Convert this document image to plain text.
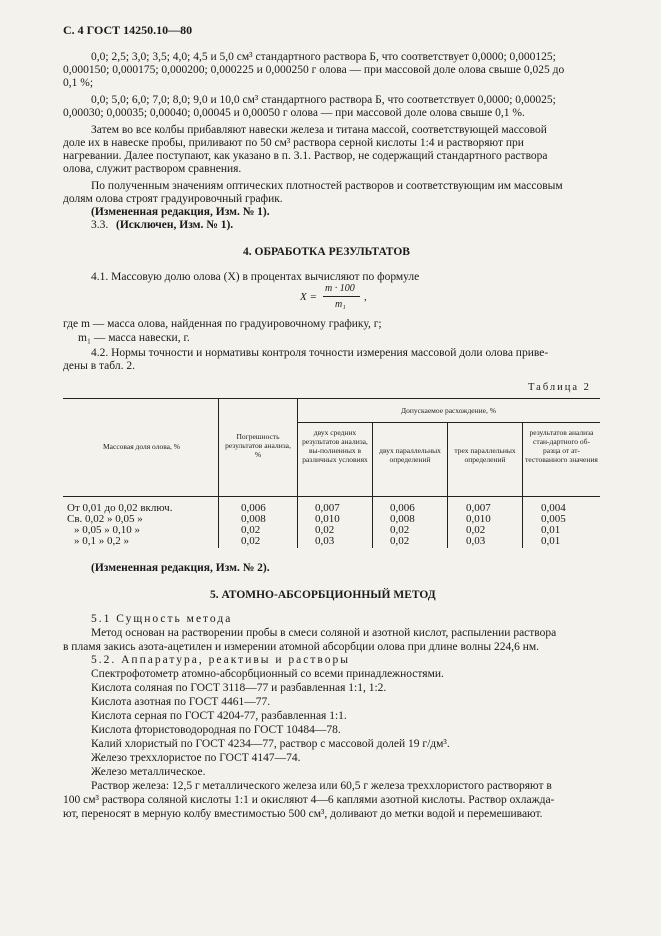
С. 4 ГОСТ 14250.10—80
0,0; 2,5; 3,0; 3,5; 4,0; 4,5 и 5,0 см³ стандартного раствора Б, что соответствует 0,0000; 0,000125;
0,000150; 0,000175; 0,000200; 0,000225 и 0,000250 г олова — при массовой доле олова свыше 0,025 до
0,1 %;
0,0; 5,0; 6,0; 7,0; 8,0; 9,0 и 10,0 см³ стандартного раствора Б, что соответствует 0,0000; 0,00025;
0,00030; 0,00035; 0,00040; 0,00045 и 0,00050 г олова — при массовой доле олова свыше 0,1 %.
Затем во все колбы прибавляют навески железа и титана массой, соответствующей массовой
доле их в навеске пробы, приливают по 50 см³ раствора серной кислоты 1:4 и растворяют при
нагревании. Далее поступают, как указано в п. 3.1. Раствор, не содержащий стандартного раствора
олова, служит раствором сравнения.
По полученным значениям оптических плотностей растворов и соответствующим им массовым
долям олова строят градуировочный график.
(Измененная редакция, Изм. № 1).
3.3. (Исключен, Изм. № 1).
4. ОБРАБОТКА РЕЗУЛЬТАТОВ
4.1. Массовую долю олова (X) в процентах вычисляют по формуле
X =
m · 100
m₁
,
где m — масса олова, найденная по градуировочному графику, г;
m₁ — масса навески, г.
4.2. Нормы точности и нормативы контроля точности измерения массовой доли олова приве-
дены в табл. 2.
Таблица 2
Массовая доля олова, %
Погрешность результатов анализа, %
Допускаемое расхождение, %
двух средних результатов анализа, вы-полненных в различных условиях
двух параллельных определений
трех параллельных определений
результатов анализа стан-дартного об-разца от ат-тестованного значения
От 0,01 до 0,02 включ.	0,006	0,007	0,006	0,007	0,004
Св. 0,02 » 0,05 »	0,008	0,010	0,008	0,010	0,005
» 0,05 » 0,10 »	0,02	0,02	0,02	0,02	0,01
» 0,1 » 0,2 »	0,02	0,03	0,02	0,03	0,01
(Измененная редакция, Изм. № 2).
5. АТОМНО-АБСОРБЦИОННЫЙ МЕТОД
5.1 Сущность метода
Метод основан на растворении пробы в смеси соляной и азотной кислот, распылении раствора
в пламя закись азота-ацетилен и измерении атомной абсорбции олова при длине волны 224,6 нм.
5.2. Аппаратура, реактивы и растворы
Спектрофотометр атомно-абсорбционный со всеми принадлежностями.
Кислота соляная по ГОСТ 3118—77 и разбавленная 1:1, 1:2.
Кислота азотная по ГОСТ 4461—77.
Кислота серная по ГОСТ 4204-77, разбавленная 1:1.
Кислота фтористоводородная по ГОСТ 10484—78.
Калий хлористый по ГОСТ 4234—77, раствор с массовой долей 19 г/дм³.
Железо треххлористое по ГОСТ 4147—74.
Железо металлическое.
Раствор железа: 12,5 г металлического железа или 60,5 г железа треххлористого растворяют в
100 см³ раствора соляной кислоты 1:1 и окисляют 4—6 каплями азотной кислоты. Раствор охлажда-
ют, переносят в мерную колбу вместимостью 500 см³, доливают до метки водой и перемешивают.
